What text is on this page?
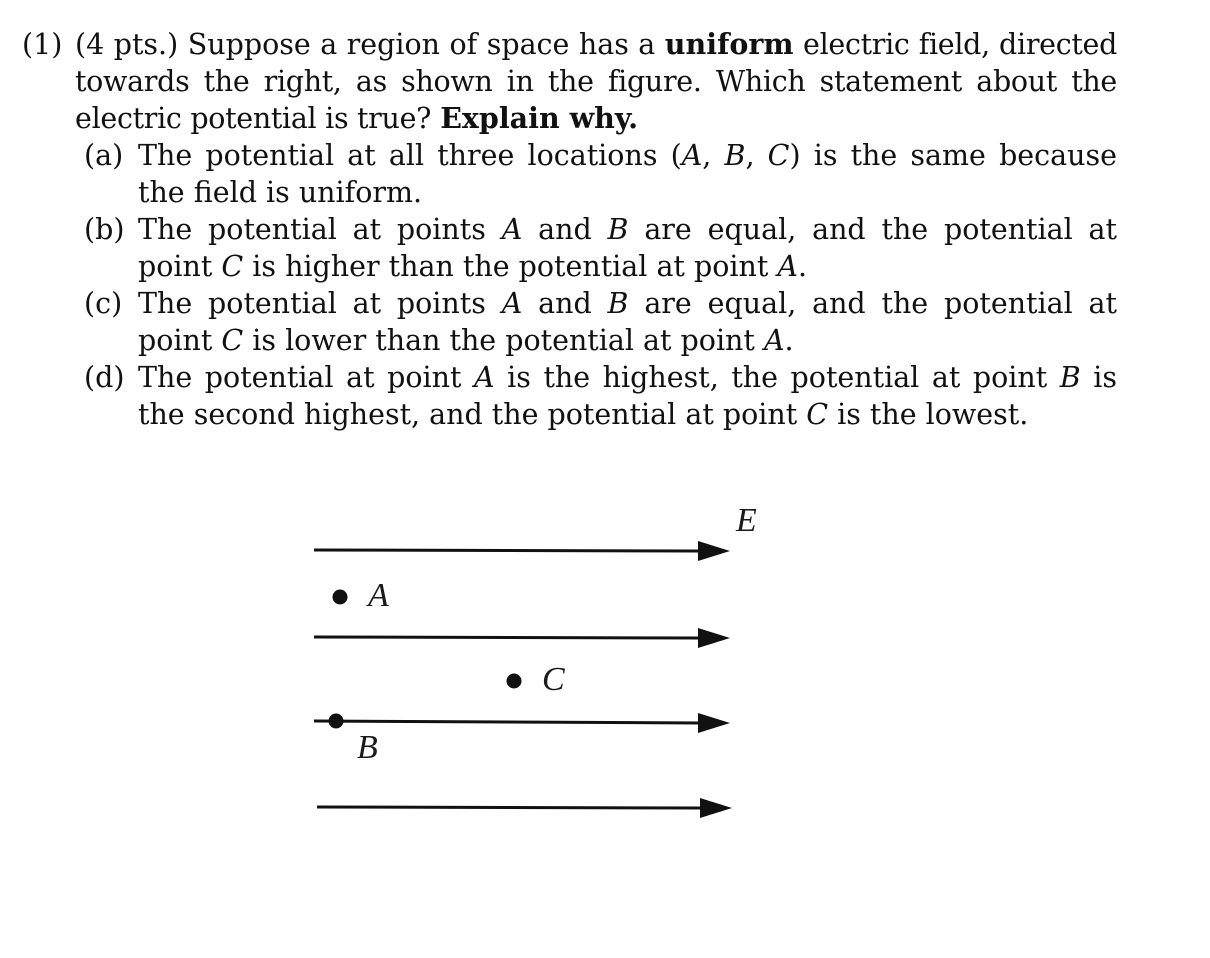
(1) (4 pts.) Suppose a region of space has a uniform electric field, directed towards the right, as shown in the figure. Which statement about the electric potential is true? Explain why.
(a) The potential at all three locations (A, B, C) is the same because the field is uniform.
(b) The potential at points A and B are equal, and the potential at point C is higher than the potential at point A.
(c) The potential at points A and B are equal, and the potential at point C is lower than the potential at point A.
(d) The potential at point A is the highest, the potential at point B is the second highest, and the potential at point C is the lowest.
E
A
C
B
